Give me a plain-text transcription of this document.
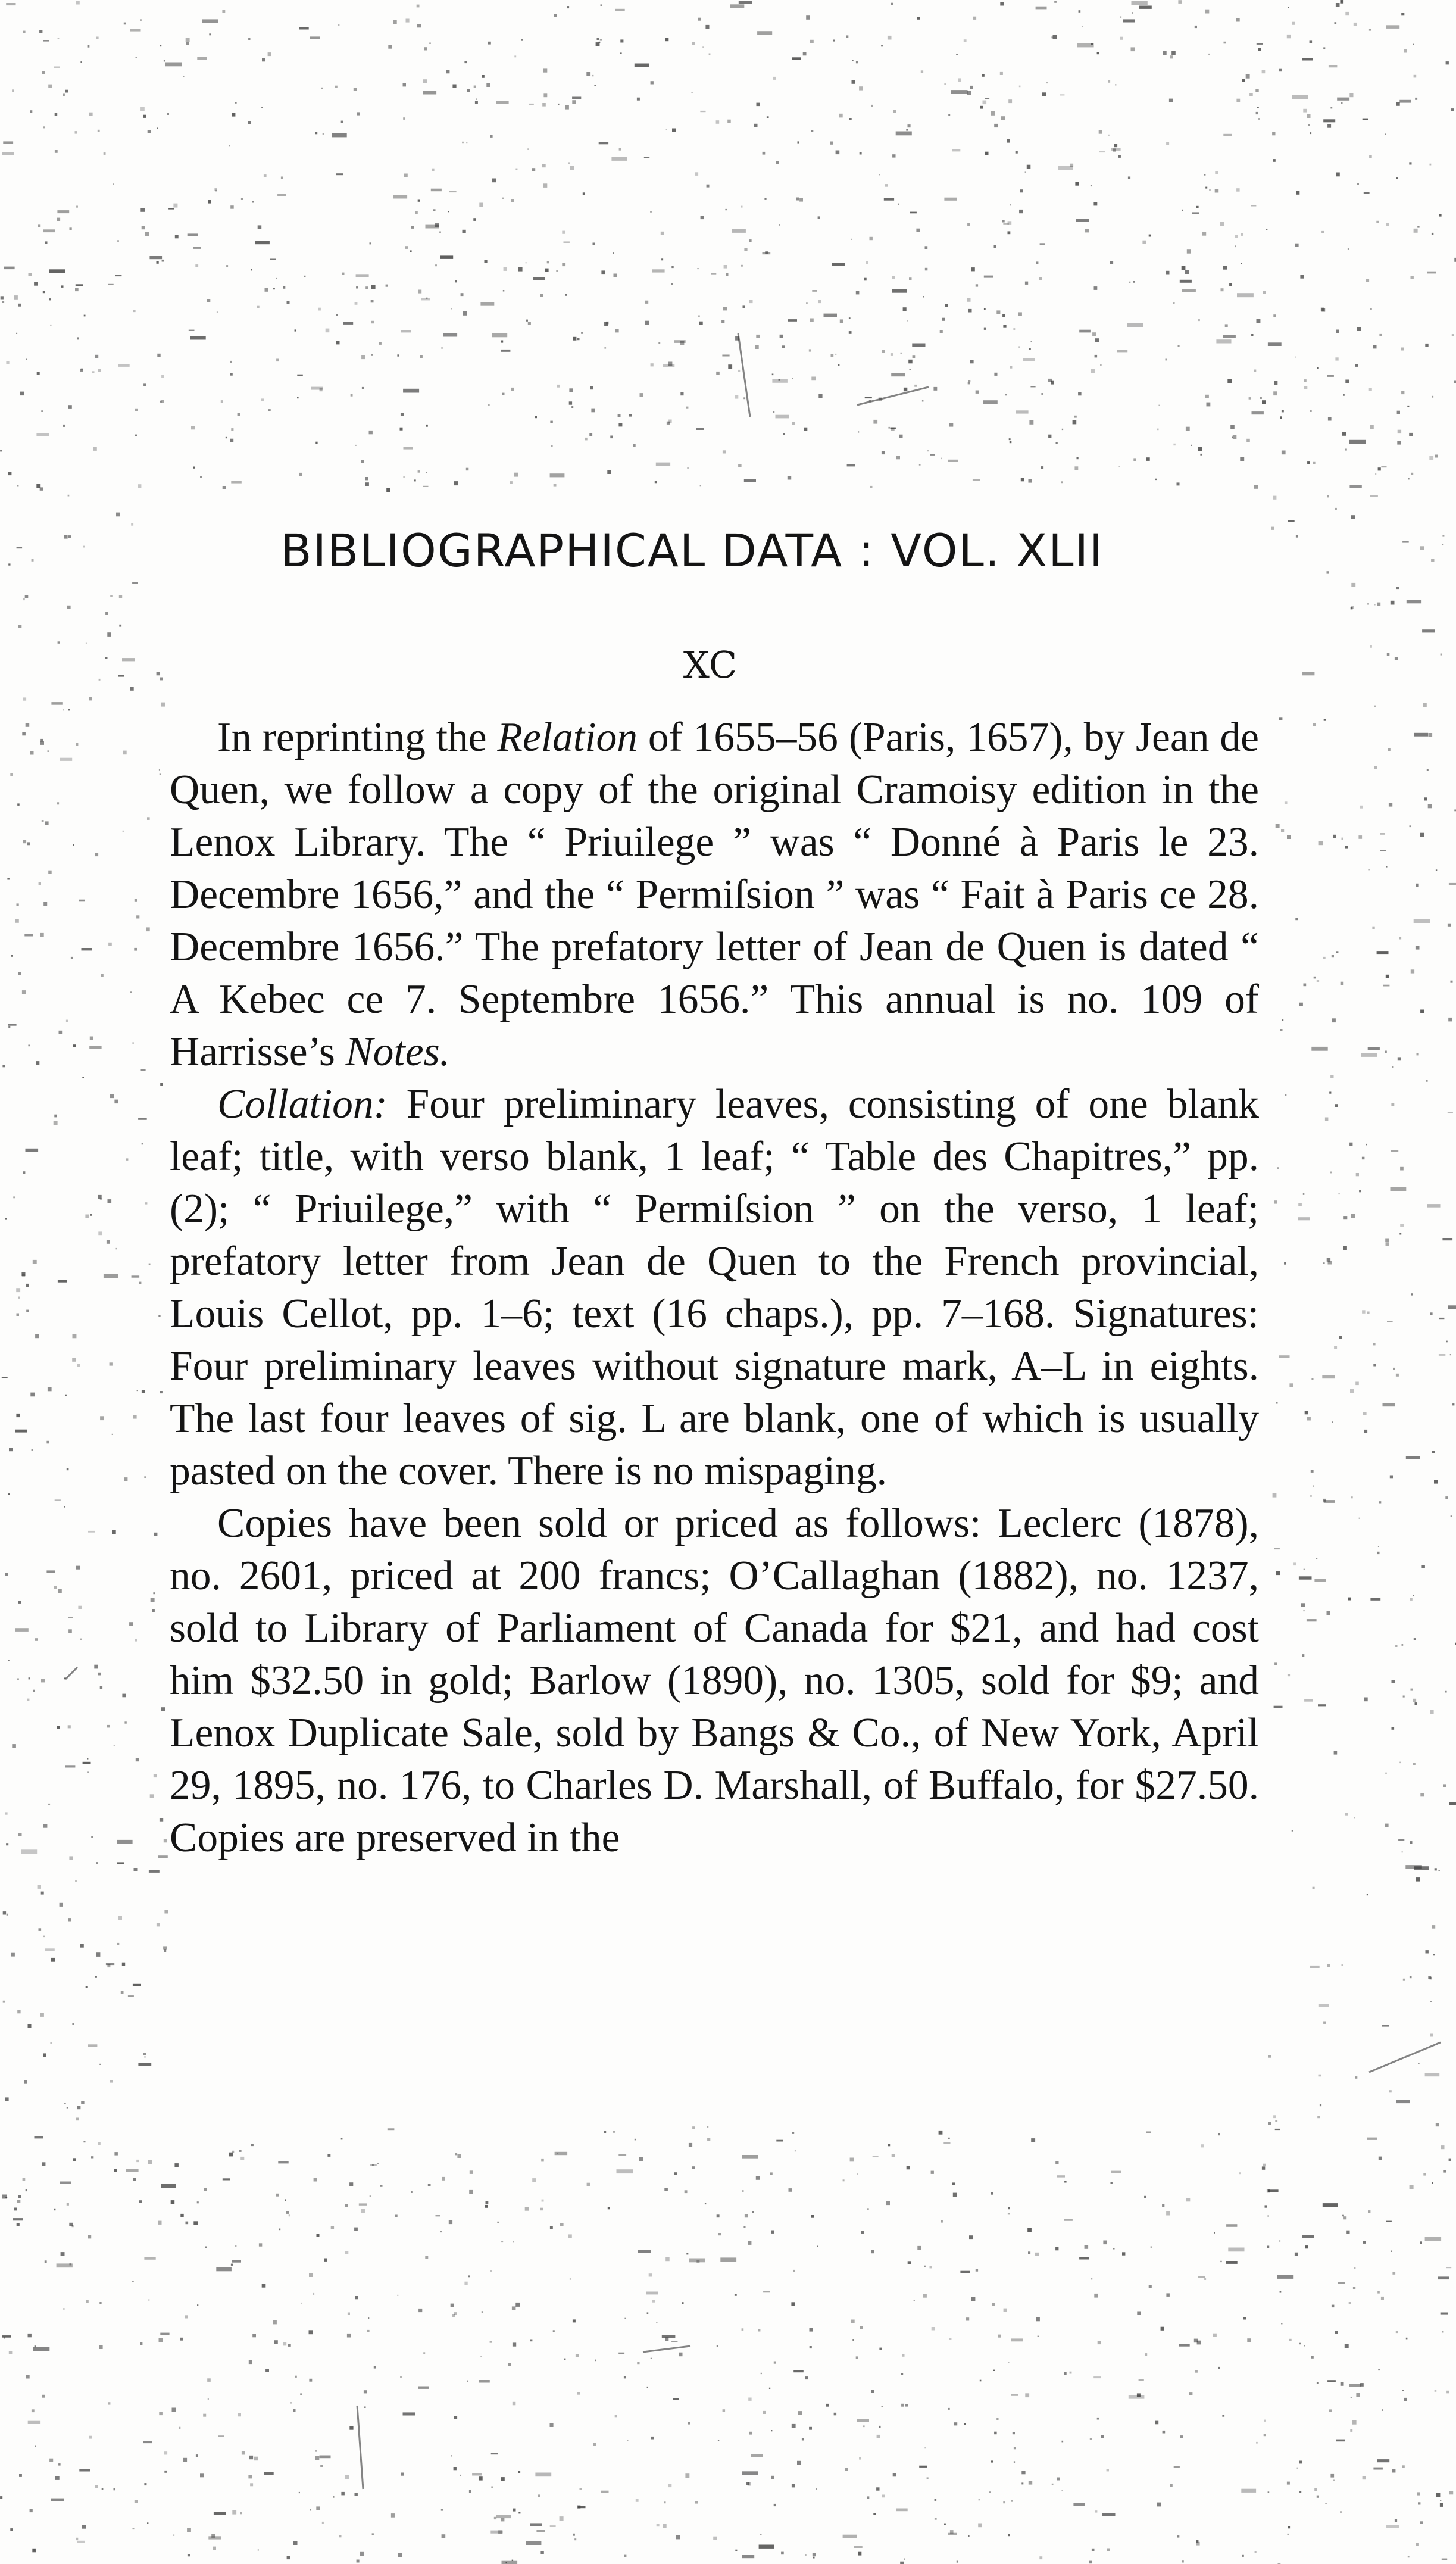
BIBLIOGRAPHICAL DATA : VOL. XLII
XC

In reprinting the Relation of 1655–56 (Paris, 1657), by Jean de Quen, we follow a copy of the original Cramoisy edition in the Lenox Library. The “ Priuilege ” was “ Donné à Paris le 23. Decembre 1656,” and the “ Permiſsion ” was “ Fait à Paris ce 28. Decembre 1656.” The prefatory letter of Jean de Quen is dated “ A Kebec ce 7. Septembre 1656.” This annual is no. 109 of Harrisse’s Notes.

Collation: Four preliminary leaves, consisting of one blank leaf; title, with verso blank, 1 leaf; “ Table des Chapitres,” pp. (2); “ Priuilege,” with “ Permiſsion ” on the verso, 1 leaf; prefatory letter from Jean de Quen to the French provincial, Louis Cellot, pp. 1–6; text (16 chaps.), pp. 7–168. Signatures: Four preliminary leaves without signature mark, A–L in eights. The last four leaves of sig. L are blank, one of which is usually pasted on the cover. There is no mispaging.

Copies have been sold or priced as follows: Leclerc (1878), no. 2601, priced at 200 francs; O’Callaghan (1882), no. 1237, sold to Library of Parliament of Canada for $21, and had cost him $32.50 in gold; Barlow (1890), no. 1305, sold for $9; and Lenox Duplicate Sale, sold by Bangs & Co., of New York, April 29, 1895, no. 176, to Charles D. Marshall, of Buffalo, for $27.50. Copies are preserved in the
